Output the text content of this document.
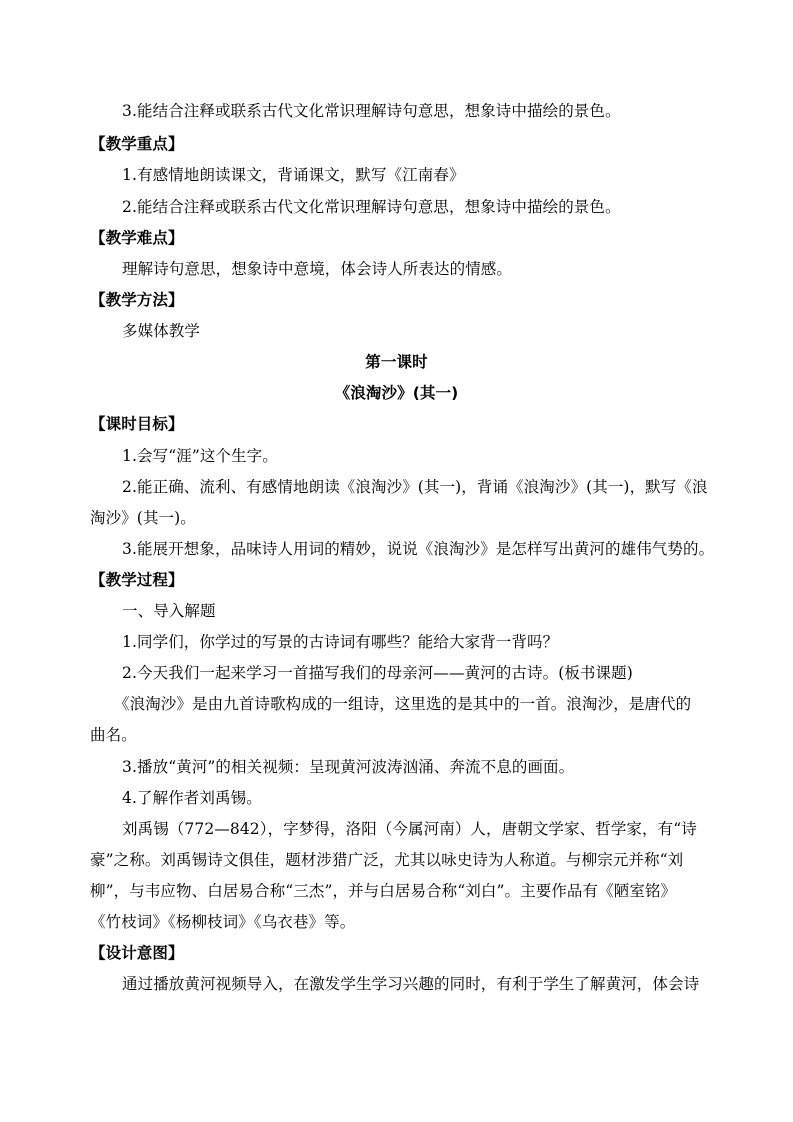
3.能结合注释或联系古代文化常识理解诗句意思，想象诗中描绘的景色。
【教学重点】
1.有感情地朗读课文，背诵课文，默写《江南春》
2.能结合注释或联系古代文化常识理解诗句意思，想象诗中描绘的景色。
【教学难点】
理解诗句意思，想象诗中意境，体会诗人所表达的情感。
【教学方法】
多媒体教学
第一课时
《浪淘沙》(其一)
【课时目标】
1.会写“涯”这个生字。
2.能正确、流利、有感情地朗读《浪淘沙》(其一)，背诵《浪淘沙》(其一)，默写《浪
淘沙》(其一)。
3.能展开想象，品味诗人用词的精妙，说说《浪淘沙》是怎样写出黄河的雄伟气势的。
【教学过程】
一、导入解题
1.同学们，你学过的写景的古诗词有哪些？能给大家背一背吗？
2.今天我们一起来学习一首描写我们的母亲河——黄河的古诗。(板书课题)
《浪淘沙》是由九首诗歌构成的一组诗，这里选的是其中的一首。浪淘沙，是唐代的
曲名。
3.播放“黄河”的相关视频：呈现黄河波涛汹涌、奔流不息的画面。
4.了解作者刘禹锡。
刘禹锡（772—842），字梦得，洛阳（今属河南）人，唐朝文学家、哲学家，有“诗
豪”之称。刘禹锡诗文俱佳，题材涉猎广泛，尤其以咏史诗为人称道。与柳宗元并称“刘
柳”，与韦应物、白居易合称“三杰”，并与白居易合称“刘白”。主要作品有《陋室铭》
《竹枝词》《杨柳枝词》《乌衣巷》等。
【设计意图】
通过播放黄河视频导入，在激发学生学习兴趣的同时，有利于学生了解黄河，体会诗
